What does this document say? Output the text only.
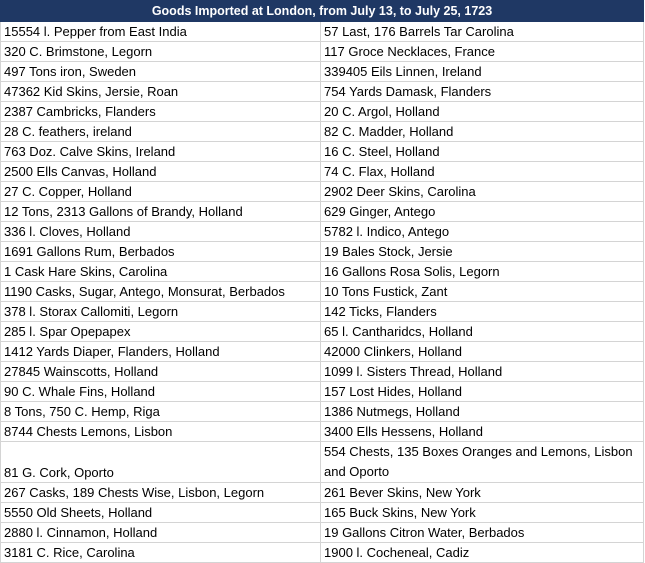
Goods Imported at London, from July 13, to July 25, 1723	
15554 l. Pepper from East India	57 Last, 176 Barrels Tar Carolina
320 C. Brimstone, Legorn	117 Groce Necklaces, France
497 Tons iron, Sweden	339405 Eils Linnen, Ireland
47362 Kid Skins, Jersie, Roan	754 Yards Damask, Flanders
2387 Cambricks, Flanders	20 C. Argol, Holland
28 C. feathers, ireland	82 C. Madder, Holland
763 Doz. Calve Skins, Ireland	16 C. Steel, Holland
2500 Ells Canvas, Holland	74 C. Flax, Holland
27 C. Copper, Holland	2902 Deer Skins, Carolina
12 Tons, 2313 Gallons of Brandy, Holland	629 Ginger, Antego
336 l. Cloves, Holland	5782 l. Indico, Antego
1691 Gallons Rum, Berbados	19 Bales Stock, Jersie
1 Cask Hare Skins, Carolina	16 Gallons Rosa Solis, Legorn
1190 Casks, Sugar, Antego, Monsurat, Berbados	10 Tons Fustick, Zant
378 l. Storax Callomiti, Legorn	142 Ticks, Flanders
285 l. Spar Opepapex	65 l. Cantharidcs, Holland
1412 Yards Diaper, Flanders, Holland	42000 Clinkers, Holland
27845 Wainscotts, Holland	1099 l. Sisters Thread, Holland
90 C. Whale Fins, Holland	157 Lost Hides, Holland
8 Tons, 750 C. Hemp, Riga	1386 Nutmegs, Holland
8744 Chests Lemons, Lisbon	3400 Ells Hessens, Holland
81 G. Cork, Oporto	554 Chests, 135 Boxes Oranges and Lemons, Lisbon and Oporto
267 Casks, 189 Chests Wise, Lisbon, Legorn	261 Bever Skins, New York
5550 Old Sheets, Holland	165 Buck Skins, New York
2880 l. Cinnamon, Holland	19 Gallons Citron Water, Berbados
3181 C. Rice, Carolina	1900 l. Cocheneal, Cadiz
